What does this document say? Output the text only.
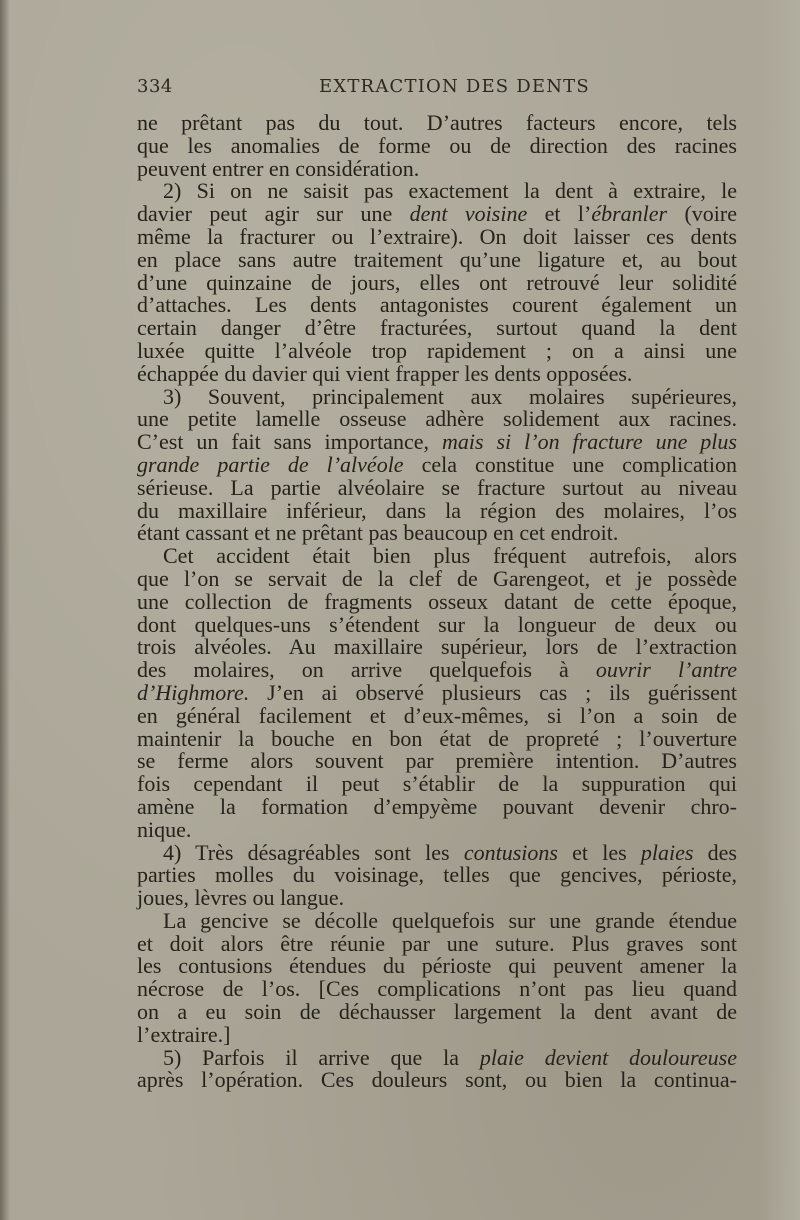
334	EXTRACTION DES DENTS
ne prêtant pas du tout. D’autres facteurs encore, tels
que les anomalies de forme ou de direction des racines
peuvent entrer en considération.
2) Si on ne saisit pas exactement la dent à extraire, le
davier peut agir sur une dent voisine et l’ébranler (voire
même la fracturer ou l’extraire). On doit laisser ces dents
en place sans autre traitement qu’une ligature et, au bout
d’une quinzaine de jours, elles ont retrouvé leur solidité
d’attaches. Les dents antagonistes courent également un
certain danger d’être fracturées, surtout quand la dent
luxée quitte l’alvéole trop rapidement ; on a ainsi une
échappée du davier qui vient frapper les dents opposées.
3) Souvent, principalement aux molaires supérieures,
une petite lamelle osseuse adhère solidement aux racines.
C’est un fait sans importance, mais si l’on fracture une plus
grande partie de l’alvéole cela constitue une complication
sérieuse. La partie alvéolaire se fracture surtout au niveau
du maxillaire inférieur, dans la région des molaires, l’os
étant cassant et ne prêtant pas beaucoup en cet endroit.
Cet accident était bien plus fréquent autrefois, alors
que l’on se servait de la clef de Garengeot, et je possède
une collection de fragments osseux datant de cette époque,
dont quelques-uns s’étendent sur la longueur de deux ou
trois alvéoles. Au maxillaire supérieur, lors de l’extraction
des molaires, on arrive quelquefois à ouvrir l’antre
d’Highmore. J’en ai observé plusieurs cas ; ils guérissent
en général facilement et d’eux-mêmes, si l’on a soin de
maintenir la bouche en bon état de propreté ; l’ouverture
se ferme alors souvent par première intention. D’autres
fois cependant il peut s’établir de la suppuration qui
amène la formation d’empyème pouvant devenir chro-
nique.
4) Très désagréables sont les contusions et les plaies des
parties molles du voisinage, telles que gencives, périoste,
joues, lèvres ou langue.
La gencive se décolle quelquefois sur une grande étendue
et doit alors être réunie par une suture. Plus graves sont
les contusions étendues du périoste qui peuvent amener la
nécrose de l’os. [Ces complications n’ont pas lieu quand
on a eu soin de déchausser largement la dent avant de
l’extraire.]
5) Parfois il arrive que la plaie devient douloureuse
après l’opération. Ces douleurs sont, ou bien la continua-
